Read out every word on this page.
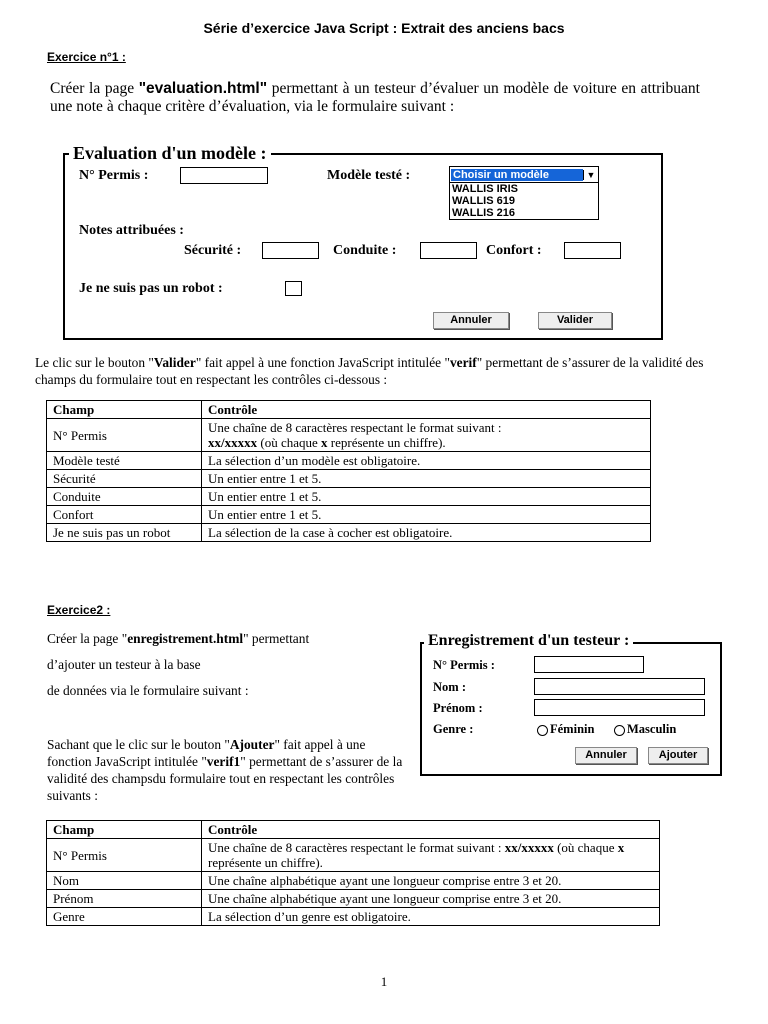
Série d’exercice Java Script : Extrait des anciens bacs
Exercice n°1 :
Créer la page "evaluation.html" permettant à un testeur d’évaluer un modèle de voiture en attribuant une note à chaque critère d’évaluation, via le formulaire suivant :
Evaluation d'un modèle :
N° Permis :	Modèle testé :	Choisir un modèle	▼
WALLIS IRIS
WALLIS 619
WALLIS 216
Notes attribuées :
Sécurité :	Conduite :	Confort :
Je ne suis pas un robot :
Annuler	Valider
Le clic sur le bouton "Valider" fait appel à une fonction JavaScript intitulée "verif" permettant de s’assurer de la validité des champs du formulaire tout en respectant les contrôles ci-dessous :
Champ	Contrôle
N° Permis	Une chaîne de 8 caractères respectant le format suivant :
xx/xxxxx (où chaque x représente un chiffre).
Modèle testé	La sélection d’un modèle est obligatoire.
Sécurité	Un entier entre 1 et 5.
Conduite	Un entier entre 1 et 5.
Confort	Un entier entre 1 et 5.
Je ne suis pas un robot	La sélection de la case à cocher est obligatoire.
Exercice2 :
Créer la page "enregistrement.html" permettant
d’ajouter un testeur à la base
de données via le formulaire suivant :
Sachant que le clic sur le bouton "Ajouter" fait appel à une fonction JavaScript intitulée "verif1" permettant de s’assurer de la validité des champsdu formulaire tout en respectant les contrôles suivants :
Enregistrement d'un testeur :
N° Permis :
Nom :
Prénom :
Genre :	Féminin	Masculin
Annuler	Ajouter
Champ	Contrôle
N° Permis	Une chaîne de 8 caractères respectant le format suivant : xx/xxxxx (où chaque x représente un chiffre).
Nom	Une chaîne alphabétique ayant une longueur comprise entre 3 et 20.
Prénom	Une chaîne alphabétique ayant une longueur comprise entre 3 et 20.
Genre	La sélection d’un genre est obligatoire.
1
